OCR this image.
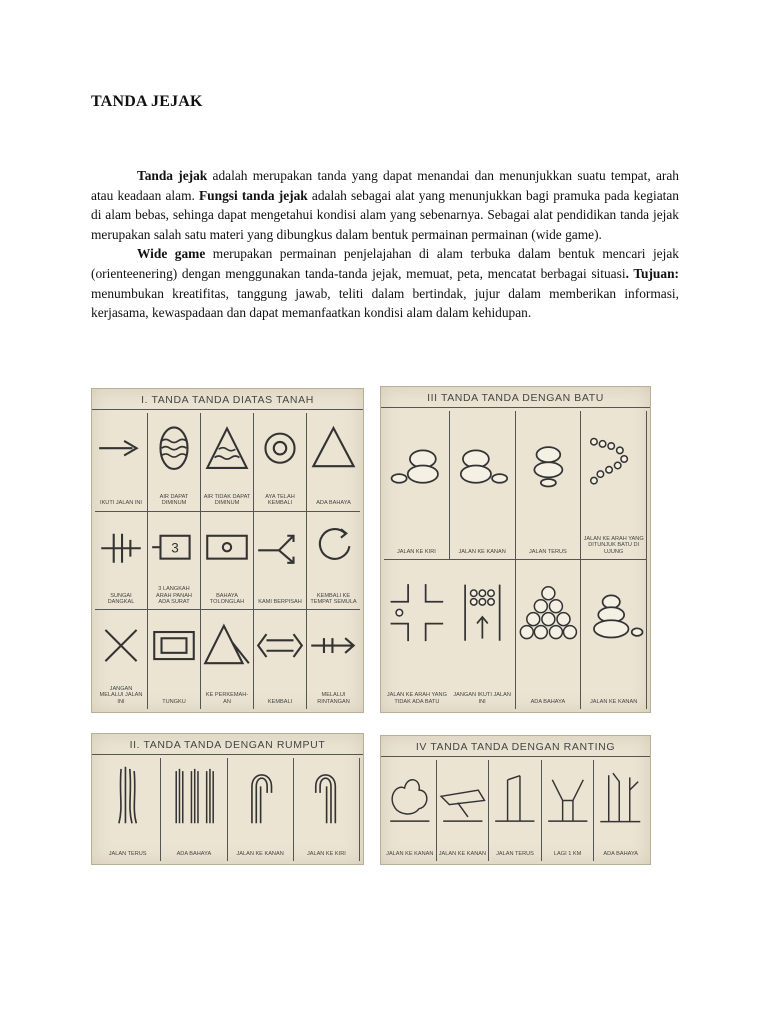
TANDA JEJAK

Tanda jejak adalah merupakan tanda yang dapat menandai dan menunjukkan suatu tempat, arah atau keadaan alam. Fungsi tanda jejak adalah sebagai alat yang menunjukkan bagi pramuka pada kegiatan di alam bebas, sehinga dapat mengetahui kondisi alam yang sebenarnya. Sebagai alat pendidikan tanda jejak merupakan salah satu materi yang dibungkus dalam bentuk permainan permainan (wide game).

Wide game merupakan permainan penjelajahan di alam terbuka dalam bentuk mencari jejak (orienteenering) dengan menggunakan tanda-tanda jejak, memuat, peta, mencatat berbagai situasi. Tujuan: menumbukan kreatifitas, tanggung jawab, teliti dalam bertindak, jujur dalam memberikan informasi, kerjasama, kewaspadaan dan dapat memanfaatkan kondisi alam dalam kehidupan.

I. TANDA TANDA DIATAS TANAH
IKUTI JALAN INI
AIR DAPAT DIMINUM
AIR TIDAK DAPAT DIMINUM
AYA TELAH KEMBALI	ADA BAHAYA
SUNGAI DANGKAL
3
3 LANGKAH ARAH PANAH ADA SURAT
BAHAYA TOLONGLAH	KAMI BERPISAH
KEMBALI KE TEMPAT SEMULA
JANGAN MELALUI JALAN INI	TUNGKU
KE PERKEMAH-AN	KEMBALI
MELALUI RINTANGAN
III TANDA TANDA DENGAN BATU
JALAN KE KIRI	JALAN KE KANAN	JALAN TERUS
JALAN KE ARAH YANG DITUNJUK BATU DI UJUNG
JALAN KE ARAH YANG TIDAK ADA BATU
JANGAN IKUTI JALAN INI	ADA BAHAYA	JALAN KE KANAN
II. TANDA TANDA DENGAN RUMPUT
JALAN TERUS	ADA BAHAYA	JALAN KE KANAN	JALAN KE KIRI
IV TANDA TANDA DENGAN RANTING
JALAN KE KANAN JALAN KE KANAN	JALAN TERUS	LAGI 1 KM	ADA BAHAYA
